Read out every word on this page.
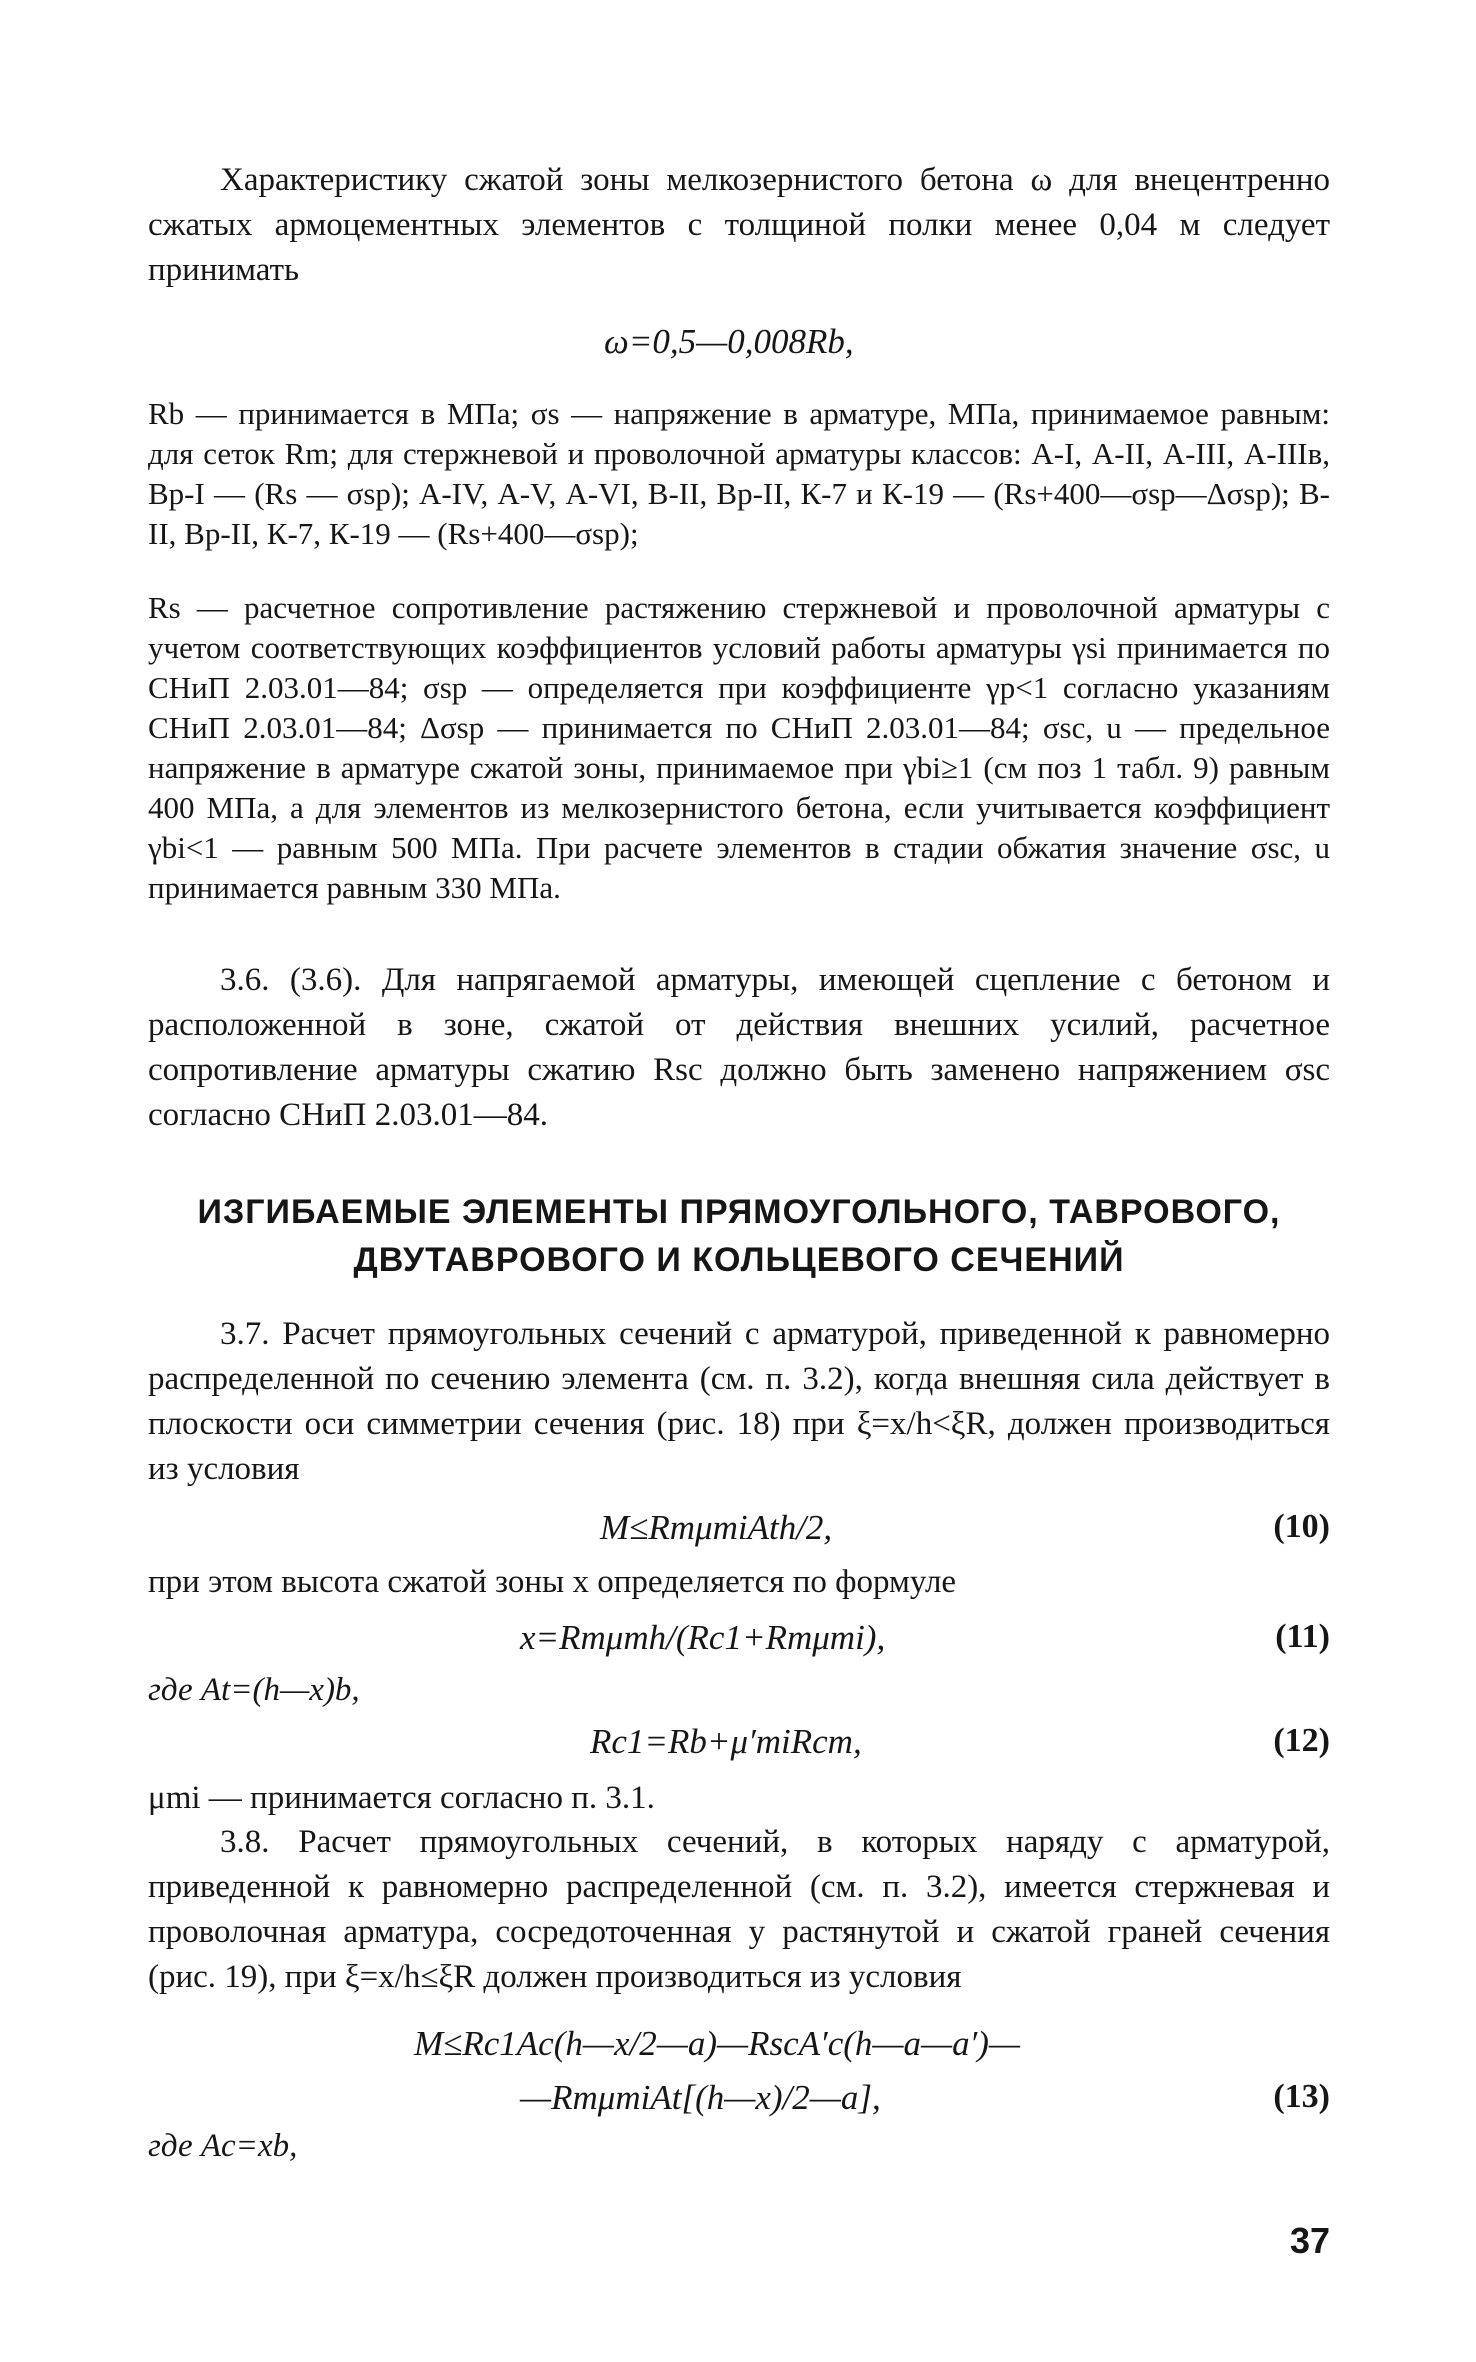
Характеристику сжатой зоны мелкозернистого бетона ω для внецентренно сжатых армоцементных элементов с толщиной полки менее 0,04 м следует принимать

ω=0,5—0,008Rb,

Rb — принимается в МПа; σs — напряжение в арматуре, МПа, принимаемое равным: для сеток Rm; для стержневой и проволочной арматуры классов: А-I, А-II, А-III, А-IIIв, Вр-I — (Rs — σsp); А-IV, А-V, А-VI, В-II, Вр-II, К-7 и К-19 — (Rs+400—σsp—Δσsp); В-II, Вр-II, К-7, К-19 — (Rs+400—σsp);

Rs — расчетное сопротивление растяжению стержневой и проволочной арматуры с учетом соответствующих коэффициентов условий работы арматуры γsi принимается по СНиП 2.03.01—84; σsp — определяется при коэффициенте γp<1 согласно указаниям СНиП 2.03.01—84; Δσsp — принимается по СНиП 2.03.01—84; σsc, u — предельное напряжение в арматуре сжатой зоны, принимаемое при γbi≥1 (см поз 1 табл. 9) равным 400 МПа, а для элементов из мелкозернистого бетона, если учитывается коэффициент γbi<1 — равным 500 МПа. При расчете элементов в стадии обжатия значение σsc, u принимается равным 330 МПа.

3.6. (3.6). Для напрягаемой арматуры, имеющей сцепление с бетоном и расположенной в зоне, сжатой от действия внешних усилий, расчетное сопротивление арматуры сжатию Rsc должно быть заменено напряжением σsc согласно СНиП 2.03.01—84.

ИЗГИБАЕМЫЕ ЭЛЕМЕНТЫ ПРЯМОУГОЛЬНОГО, ТАВРОВОГО,
ДВУТАВРОВОГО И КОЛЬЦЕВОГО СЕЧЕНИЙ

3.7. Расчет прямоугольных сечений с арматурой, приведенной к равномерно распределенной по сечению элемента (см. п. 3.2), когда внешняя сила действует в плоскости оси симметрии сечения (рис. 18) при ξ=x/h<ξR, должен производиться из условия

M≤RmμmiAth/2,	(10)

при этом высота сжатой зоны x определяется по формуле

x=Rmμmh/(Rc1+Rmμmi),	(11)

где At=(h—x)b,

Rc1=Rb+μ′miRcm,	(12)

μmi — принимается согласно п. 3.1.

3.8. Расчет прямоугольных сечений, в которых наряду с арматурой, приведенной к равномерно распределенной (см. п. 3.2), имеется стержневая и проволочная арматура, сосредоточенная у растянутой и сжатой граней сечения (рис. 19), при ξ=x/h≤ξR должен производиться из условия

M≤Rc1Ac(h—x/2—a)—RscA′c(h—a—a′)—

—RmμmiAt[(h—x)/2—a],	(13)

где Ac=xb,

37
